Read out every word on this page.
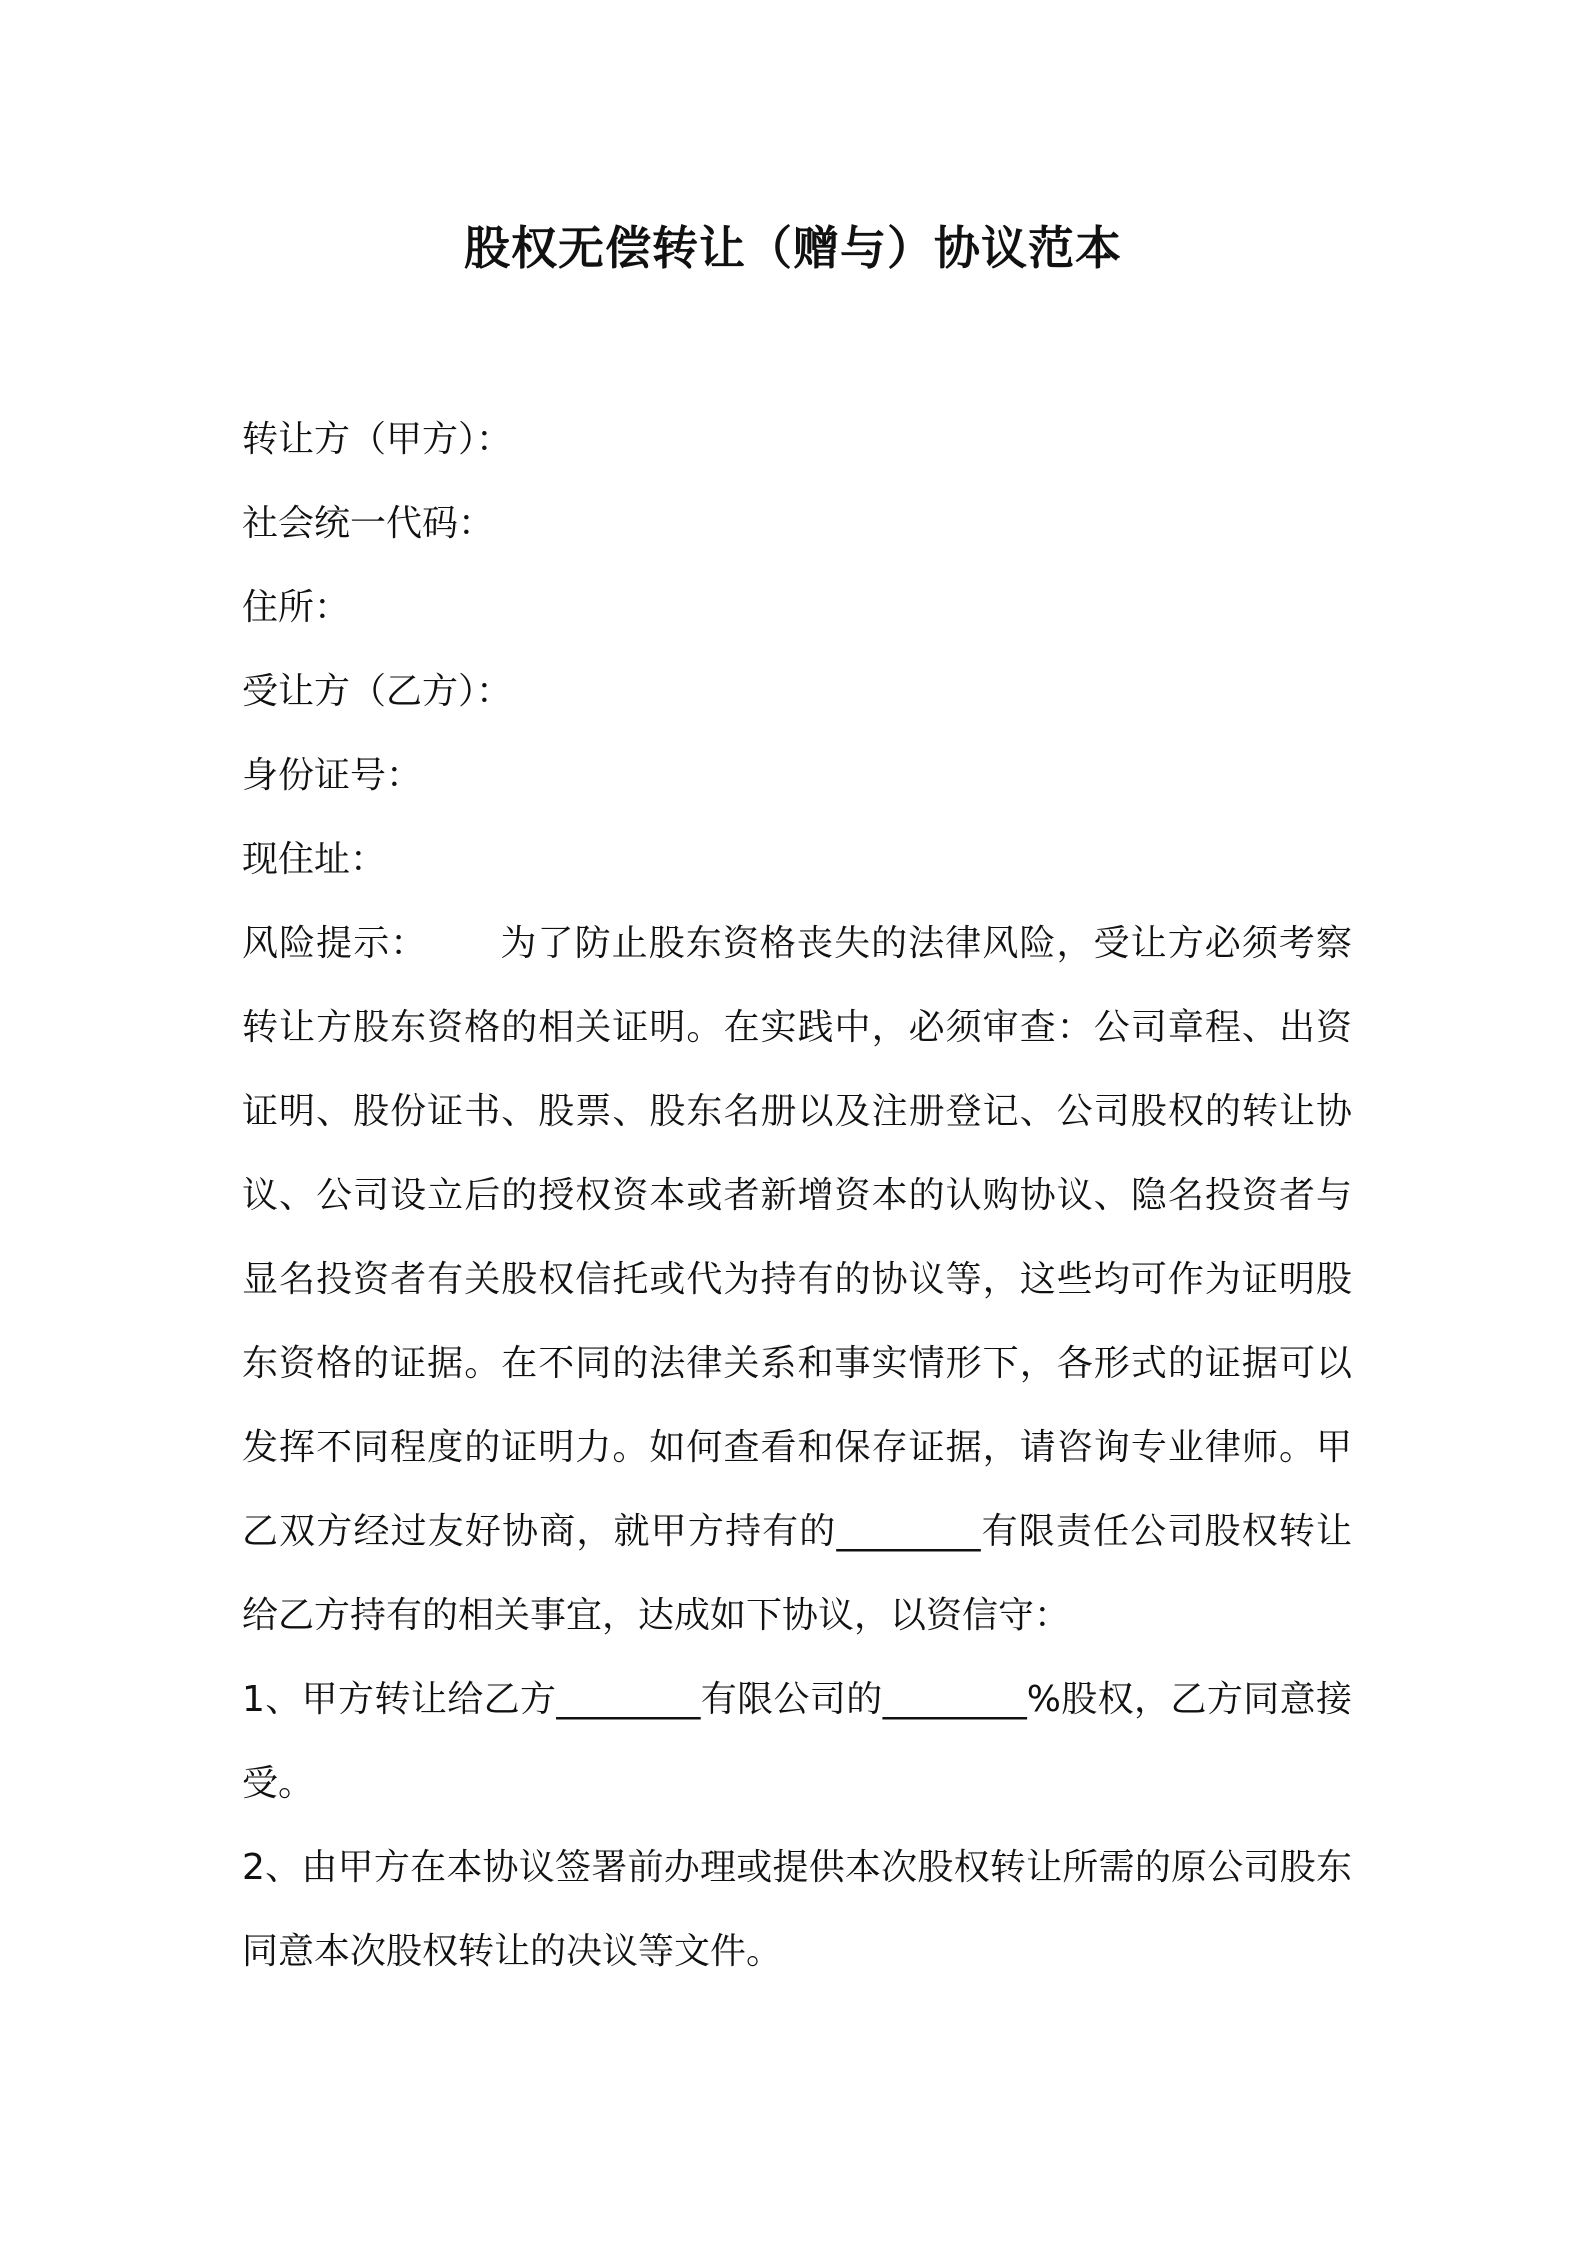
股权无偿转让（赠与）协议范本

转让方（甲方）：

社会统一代码：

住所：

受让方（乙方）：

身份证号：

现住址：

风险提示： 为了防止股东资格丧失的法律风险，受让方必须考察转让方股东资格的相关证明。在实践中，必须审查：公司章程、出资证明、股份证书、股票、股东名册以及注册登记、公司股权的转让协议、公司设立后的授权资本或者新增资本的认购协议、隐名投资者与显名投资者有关股权信托或代为持有的协议等，这些均可作为证明股东资格的证据。在不同的法律关系和事实情形下，各形式的证据可以发挥不同程度的证明力。如何查看和保存证据，请咨询专业律师。甲乙双方经过友好协商，就甲方持有的________有限责任公司股权转让给乙方持有的相关事宜，达成如下协议，以资信守：

1、甲方转让给乙方________有限公司的________%股权，乙方同意接受。

2、由甲方在本协议签署前办理或提供本次股权转让所需的原公司股东同意本次股权转让的决议等文件。
